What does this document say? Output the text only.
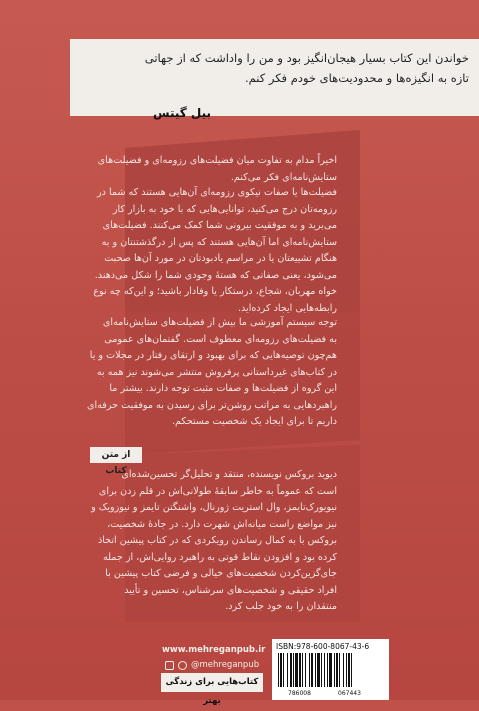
خواندن این کتاب بسیار هیجان‌انگیز بود و من را واداشت که از جهاتی
تازه به انگیزه‌ها و محدودیت‌های خودم فکر کنم.
بیل گیتس
اخیراً مدام به تفاوت میان فضیلت‌های رزومه‌ای و فضیلت‌های
ستایش‌نامه‌ای فکر می‌کنم.
فضیلت‌ها یا صفات نیکوی رزومه‌ای آن‌هایی هستند که شما در
رزومه‌تان درج می‌کنید، توانایی‌هایی که با خود به بازار کار
می‌برید و به موفقیت بیرونی شما کمک می‌کنند. فضیلت‌های
ستایش‌نامه‌ای اما آن‌هایی هستند که پس از درگذشتنتان و به
هنگام تشییعتان یا در مراسم یادبودتان در مورد آن‌ها صحبت
می‌شود، یعنی صفاتی که هستهٔ وجودی شما را شکل می‌دهند.
خواه مهربان، شجاع، درستکار یا وفادار باشید؛ و این‌که چه نوع
رابطه‌هایی ایجاد کرده‌اید.
توجه سیستم آموزشی ما بیش از فضیلت‌های ستایش‌نامه‌ای
به فضیلت‌های رزومه‌ای معطوف است. گفتمان‌های عمومی
هم‌چون توصیه‌هایی که برای بهبود و ارتقای رفتار در مجلات و یا
در کتاب‌های غیرداستانی پرفروش منتشر می‌شوند نیز همه به
این گروه از فضیلت‌ها و صفات مثبت توجه دارند. بیشتر ما
راهبردهایی به مراتب روشن‌تر برای رسیدن به موفقیت حرفه‌ای
داریم تا برای ایجاد یک شخصیت مستحکم.
از متن کتاب
دیوید بروکس نویسنده، منتقد و تحلیل‌گر تحسین‌شده‌ای
است که عموماً به خاطر سابقهٔ طولانی‌اش در قلم زدن برای
نیویورک‌تایمز، وال استریت ژورنال، واشنگتن تایمز و نیوزویک و
نیز مواضع راست میانه‌اش شهرت دارد. در جادهٔ شخصیت،
بروکس با به کمال رساندن رویکردی که در کتاب پیشین اتخاذ
کرده بود و افزودن نقاط قوتی به راهبرد روایی‌اش، از جمله
جای‌گزین‌کردن شخصیت‌های خیالی و فرضی کتاب پیشین با
افراد حقیقی و شخصیت‌های سرشناس، تحسین و تأیید
منتقدان را به خود جلب کرد.
www.mehreganpub.ir
@mehreganpub
کتاب‌هایی برای زندگی بهتر
ISBN:978-600-8067-43-6
786008	067443
